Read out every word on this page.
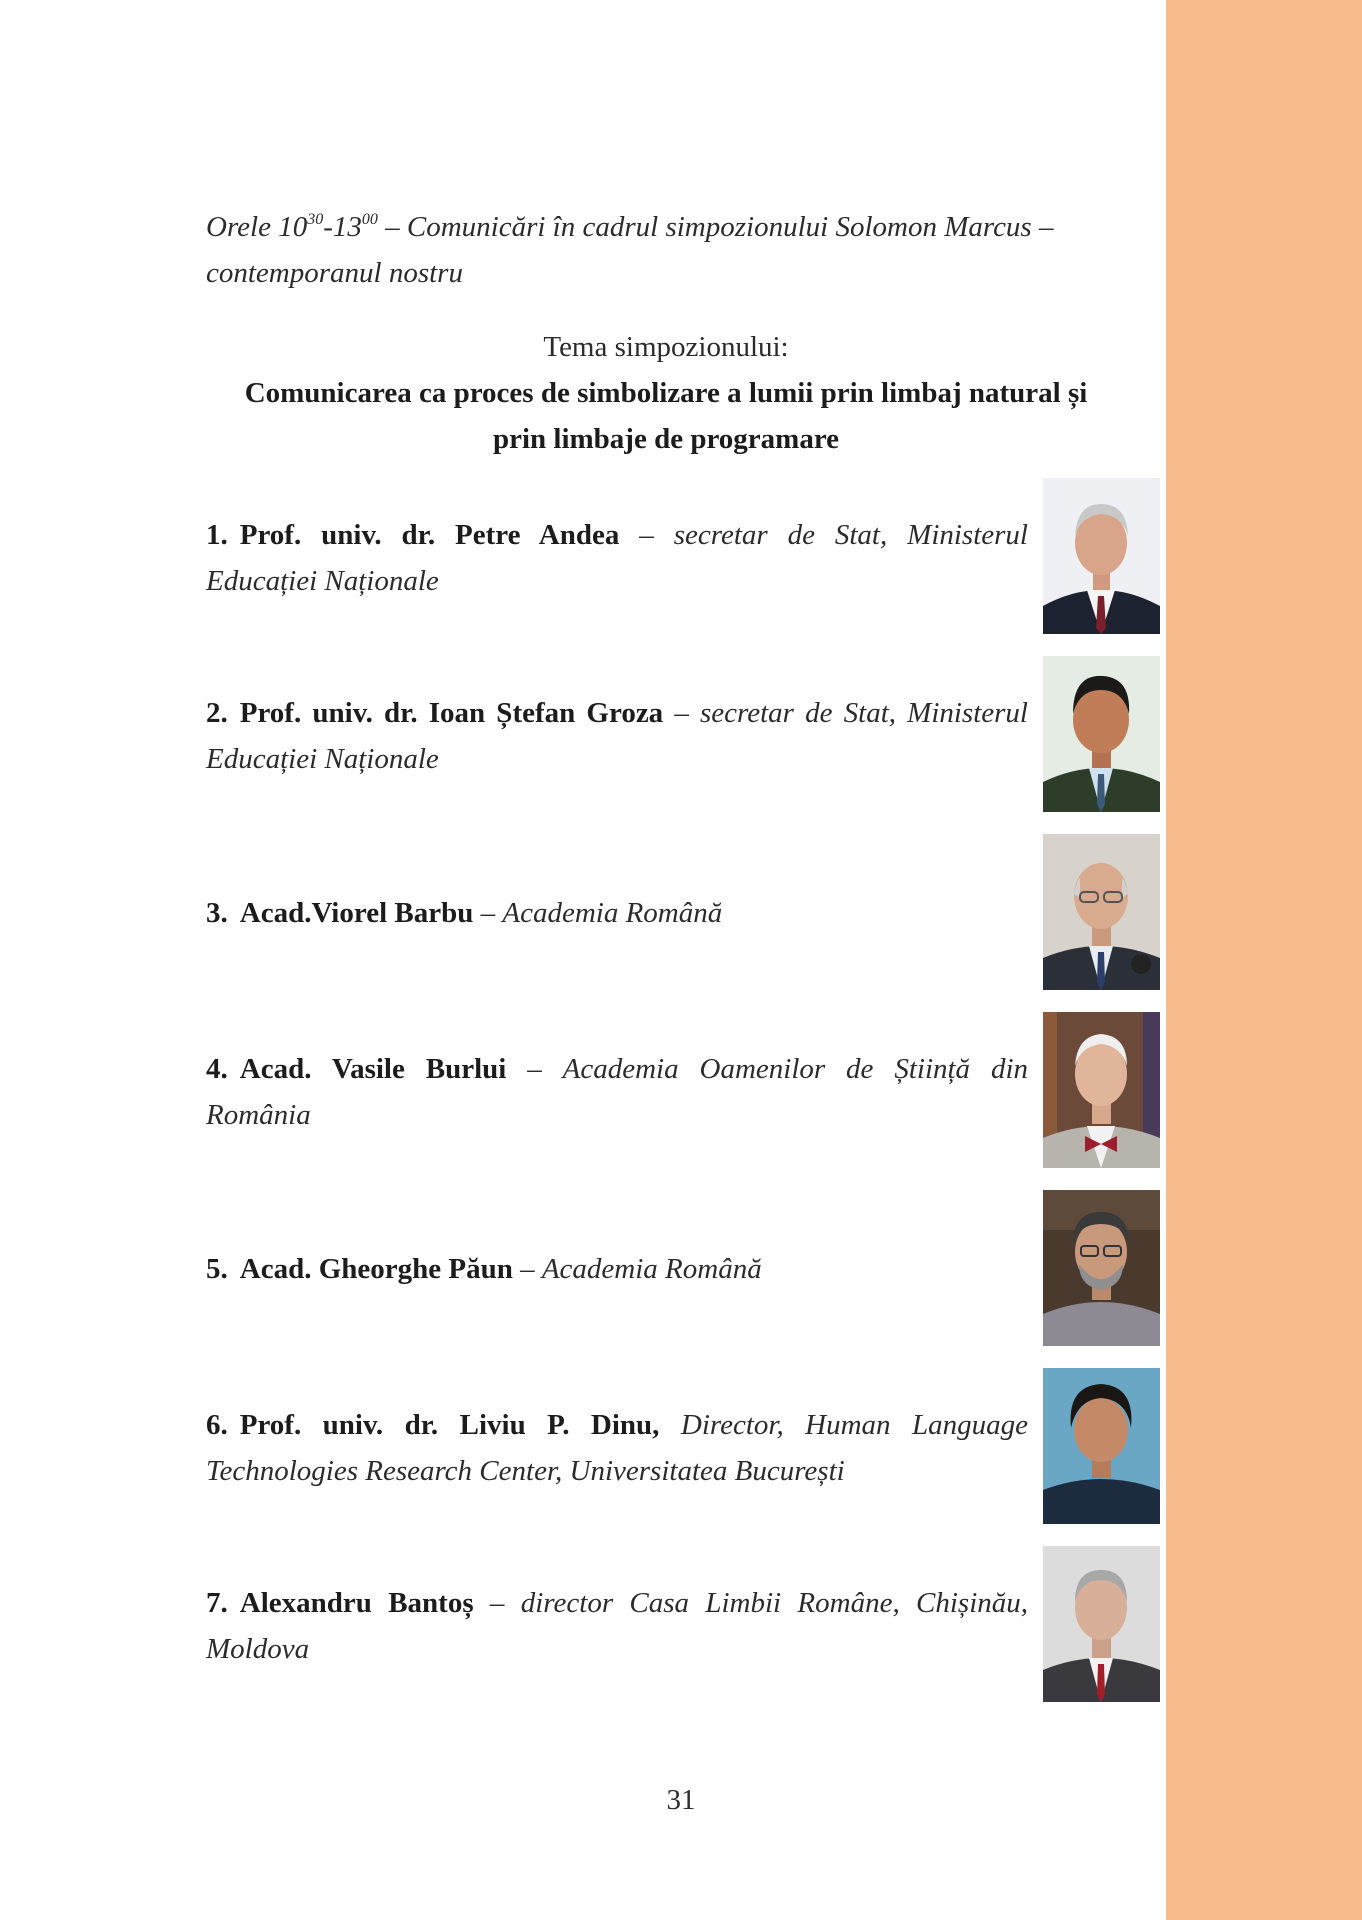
Orele $10^{30}-13^{00}$ – Comunicări în cadrul simpozionului Solomon Marcus – contemporanul nostru
Tema simpozionului:
Comunicarea ca proces de simbolizare a lumii prin limbaj natural și
prin limbaje de programare
1. Prof. univ. dr. Petre Andea – secretar de Stat, Ministerul Educației Naționale
2. Prof. univ. dr. Ioan Ștefan Groza – secretar de Stat, Ministerul Educației Naționale
3. Acad.Viorel Barbu – Academia Română
4. Acad. Vasile Burlui – Academia Oamenilor de Știință din România
5. Acad. Gheorghe Păun – Academia Română
6. Prof. univ. dr. Liviu P. Dinu, Director, Human Language Technologies Research Center, Universitatea București
7. Alexandru Bantoș – director Casa Limbii Române, Chișinău, Moldova
31
